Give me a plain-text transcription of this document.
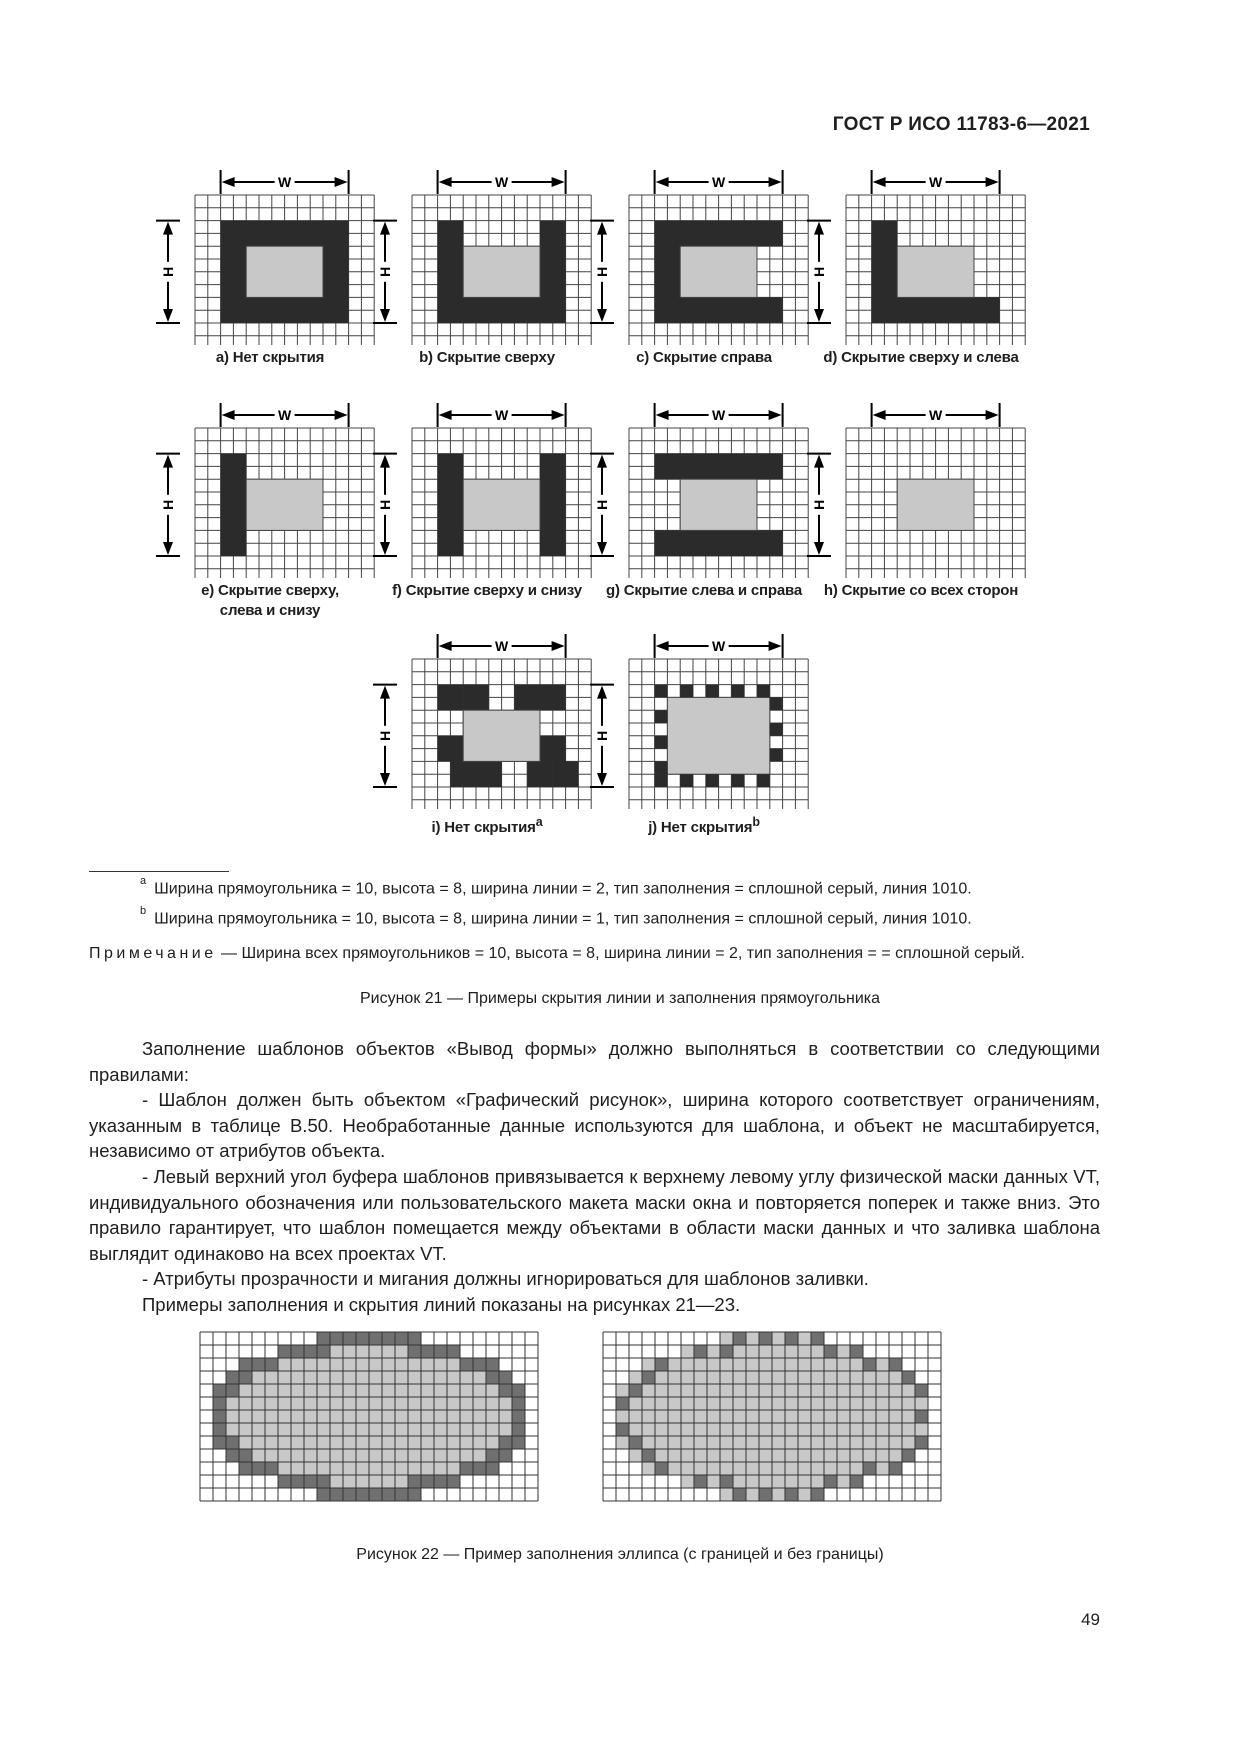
ГОСТ Р ИСО 11783-6—2021
W
H
a) Нет скрытия
W
H
b) Скрытие сверху
W
H
c) Скрытие справа
W
H
d) Скрытие сверху и слева
W
H
e) Скрытие сверху, слева и снизу
W
H
f) Скрытие сверху и снизу
W
H
g) Скрытие слева и справа
W
H
h) Скрытие со всех сторон
W
H
i) Нет скрытия$^a$
W
H
j) Нет скрытия$^b$
$^a$ Ширина прямоугольника = 10, высота = 8, ширина линии = 2, тип заполнения = сплошной серый, линия 1010.
$^b$ Ширина прямоугольника = 10, высота = 8, ширина линии = 1, тип заполнения = сплошной серый, линия 1010.
Примечание — Ширина всех прямоугольников = 10, высота = 8, ширина линии = 2, тип заполнения = = сплошной серый.
Рисунок 21 — Примеры скрытия линии и заполнения прямоугольника

Заполнение шаблонов объектов «Вывод формы» должно выполняться в соответствии со следующими правилами:

- Шаблон должен быть объектом «Графический рисунок», ширина которого соответствует ограничениям, указанным в таблице B.50. Необработанные данные используются для шаблона, и объект не масштабируется, независимо от атрибутов объекта.

- Левый верхний угол буфера шаблонов привязывается к верхнему левому углу физической маски данных VT, индивидуального обозначения или пользовательского макета маски окна и повторяется поперек и также вниз. Это правило гарантирует, что шаблон помещается между объектами в области маски данных и что заливка шаблона выглядит одинаково на всех проектах VT.

- Атрибуты прозрачности и мигания должны игнорироваться для шаблонов заливки.

Примеры заполнения и скрытия линий показаны на рисунках 21—23.

Рисунок 22 — Пример заполнения эллипса (с границей и без границы)
49
